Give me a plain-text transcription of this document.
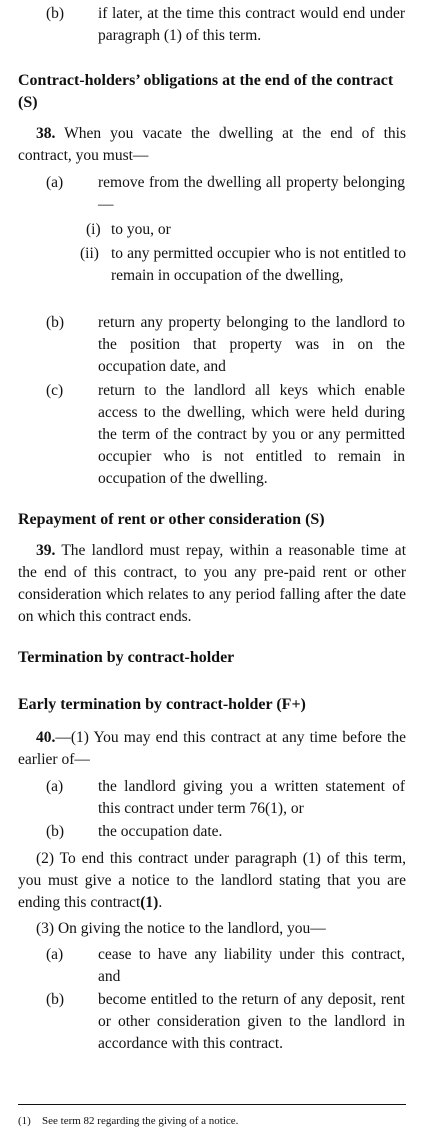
(b) if later, at the time this contract would end under paragraph (1) of this term.
Contract-holders’ obligations at the end of the contract (S)
38. When you vacate the dwelling at the end of this contract, you must—
(a) remove from the dwelling all property belonging—
(i) to you, or
(ii) to any permitted occupier who is not entitled to remain in occupation of the dwelling,
(b) return any property belonging to the landlord to the position that property was in on the occupation date, and
(c) return to the landlord all keys which enable access to the dwelling, which were held during the term of the contract by you or any permitted occupier who is not entitled to remain in occupation of the dwelling.
Repayment of rent or other consideration (S)
39. The landlord must repay, within a reasonable time at the end of this contract, to you any pre-paid rent or other consideration which relates to any period falling after the date on which this contract ends.
Termination by contract-holder
Early termination by contract-holder (F+)
40.—(1) You may end this contract at any time before the earlier of—
(a) the landlord giving you a written statement of this contract under term 76(1), or
(b) the occupation date.
(2) To end this contract under paragraph (1) of this term, you must give a notice to the landlord stating that you are ending this contract(1).
(3) On giving the notice to the landlord, you—
(a) cease to have any liability under this contract, and
(b) become entitled to the return of any deposit, rent or other consideration given to the landlord in accordance with this contract.
(1) See term 82 regarding the giving of a notice.
